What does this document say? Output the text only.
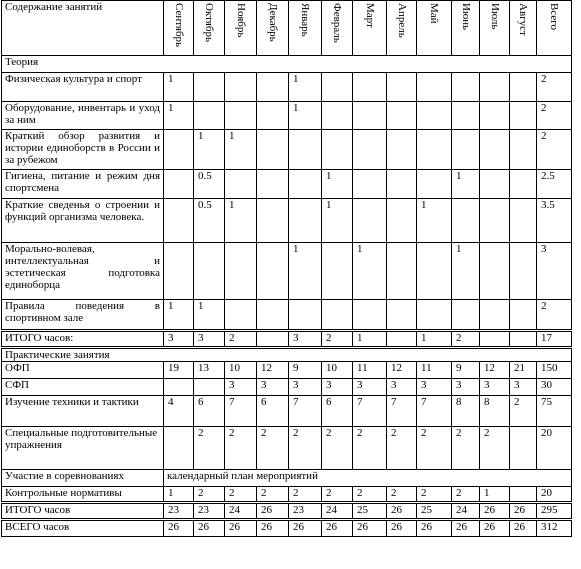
Содержание занятий	Сентябрь	Октябрь	Ноябрь	Декабрь	Январь	Февраль	Март	Апрель	Май	Июнь	Июль	Август	Всего

Теория													
Физическая культура и спорт	1				1								2
Оборудование, инвентарь и уход за ним	1				1								2
Краткий обзор развития и истории единоборств в России и за рубежом		1	1										2
Гигиена, питание и режим дня спортсмена		0.5				1				1			2.5
Краткие сведенья о строении и функций организма человека.		0.5	1			1			1				3.5
Морально-волевая, интеллектуальная и эстетическая подготовка единоборца					1		1			1			3
Правила поведения в спортивном зале	1	1											2
ИТОГО часов:	3	3	2		3	2	1		1	2			17
Практические занятия													
ОФП	19	13	10	12	9	10	11	12	11	9	12	21	150
СФП			3	3	3	3	3	3	3	3	3	3	30
Изучение техники и тактики	4	6	7	6	7	6	7	7	7	8	8	2	75
Специальные подготовительные упражнения		2	2	2	2	2	2	2	2	2	2		20
Участие в соревнованиях	календарный план мероприятий												
Контрольные нормативы	1	2	2	2	2	2	2	2	2	2	1		20
ИТОГО часов	23	23	24	26	23	24	25	26	25	24	26	26	295
ВСЕГО часов	26	26	26	26	26	26	26	26	26	26	26	26	312
